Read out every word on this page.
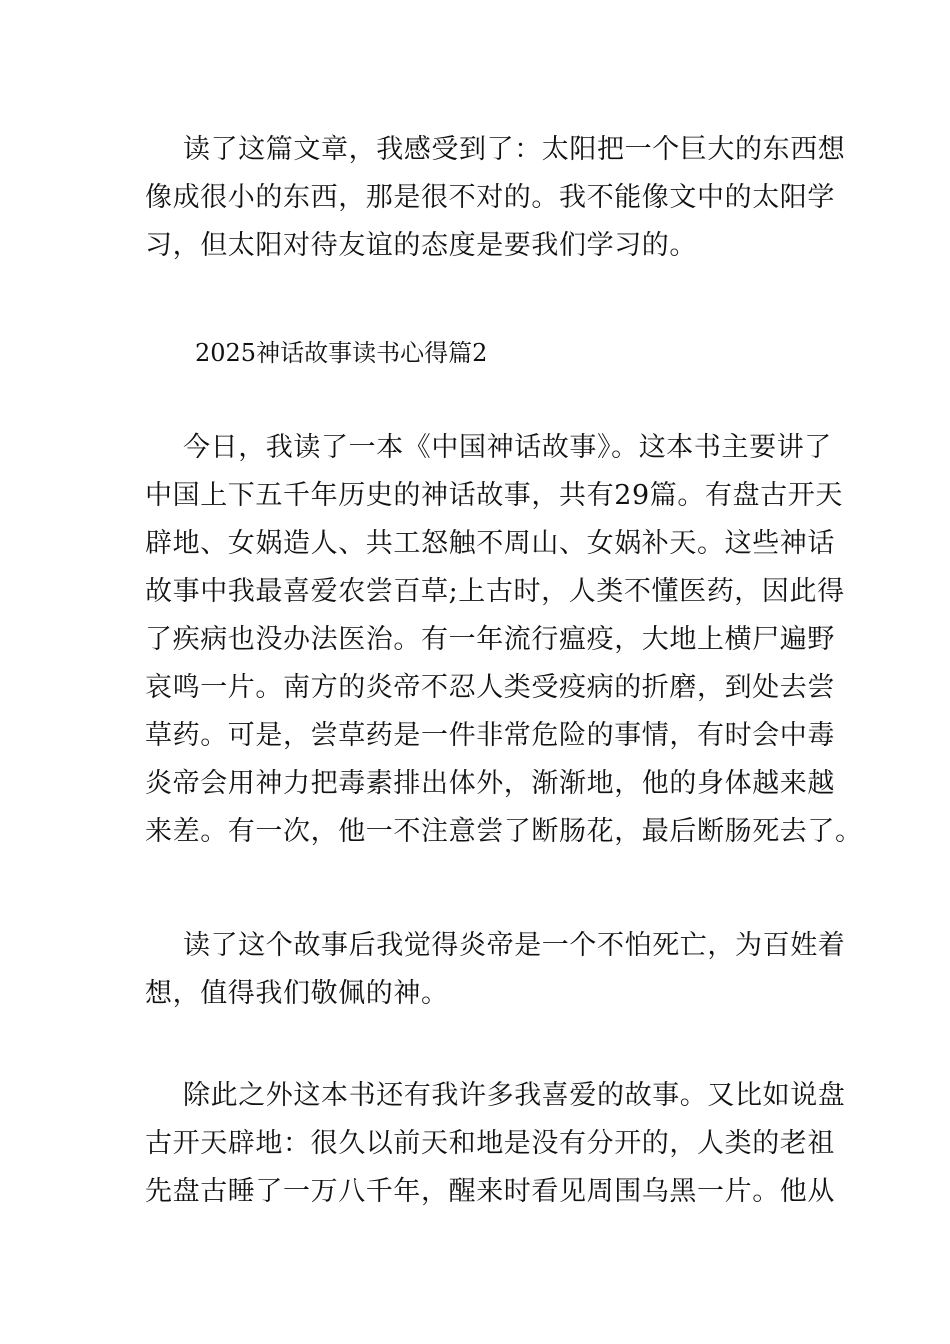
读了这篇文章，我感受到了：太阳把一个巨大的东西想
像成很小的东西，那是很不对的。我不能像文中的太阳学
习，但太阳对待友谊的态度是要我们学习的。
2025神话故事读书心得篇2
今日，我读了一本《中国神话故事》。这本书主要讲了
中国上下五千年历史的神话故事，共有29篇。有盘古开天
辟地、女娲造人、共工怒触不周山、女娲补天。这些神话
故事中我最喜爱农尝百草;上古时，人类不懂医药，因此得
了疾病也没办法医治。有一年流行瘟疫，大地上横尸遍野
哀鸣一片。南方的炎帝不忍人类受疫病的折磨，到处去尝
草药。可是，尝草药是一件非常危险的事情，有时会中毒
炎帝会用神力把毒素排出体外，渐渐地，他的身体越来越
来差。有一次，他一不注意尝了断肠花，最后断肠死去了。
读了这个故事后我觉得炎帝是一个不怕死亡，为百姓着
想，值得我们敬佩的神。
除此之外这本书还有我许多我喜爱的故事。又比如说盘
古开天辟地：很久以前天和地是没有分开的，人类的老祖
先盘古睡了一万八千年，醒来时看见周围乌黑一片。他从
